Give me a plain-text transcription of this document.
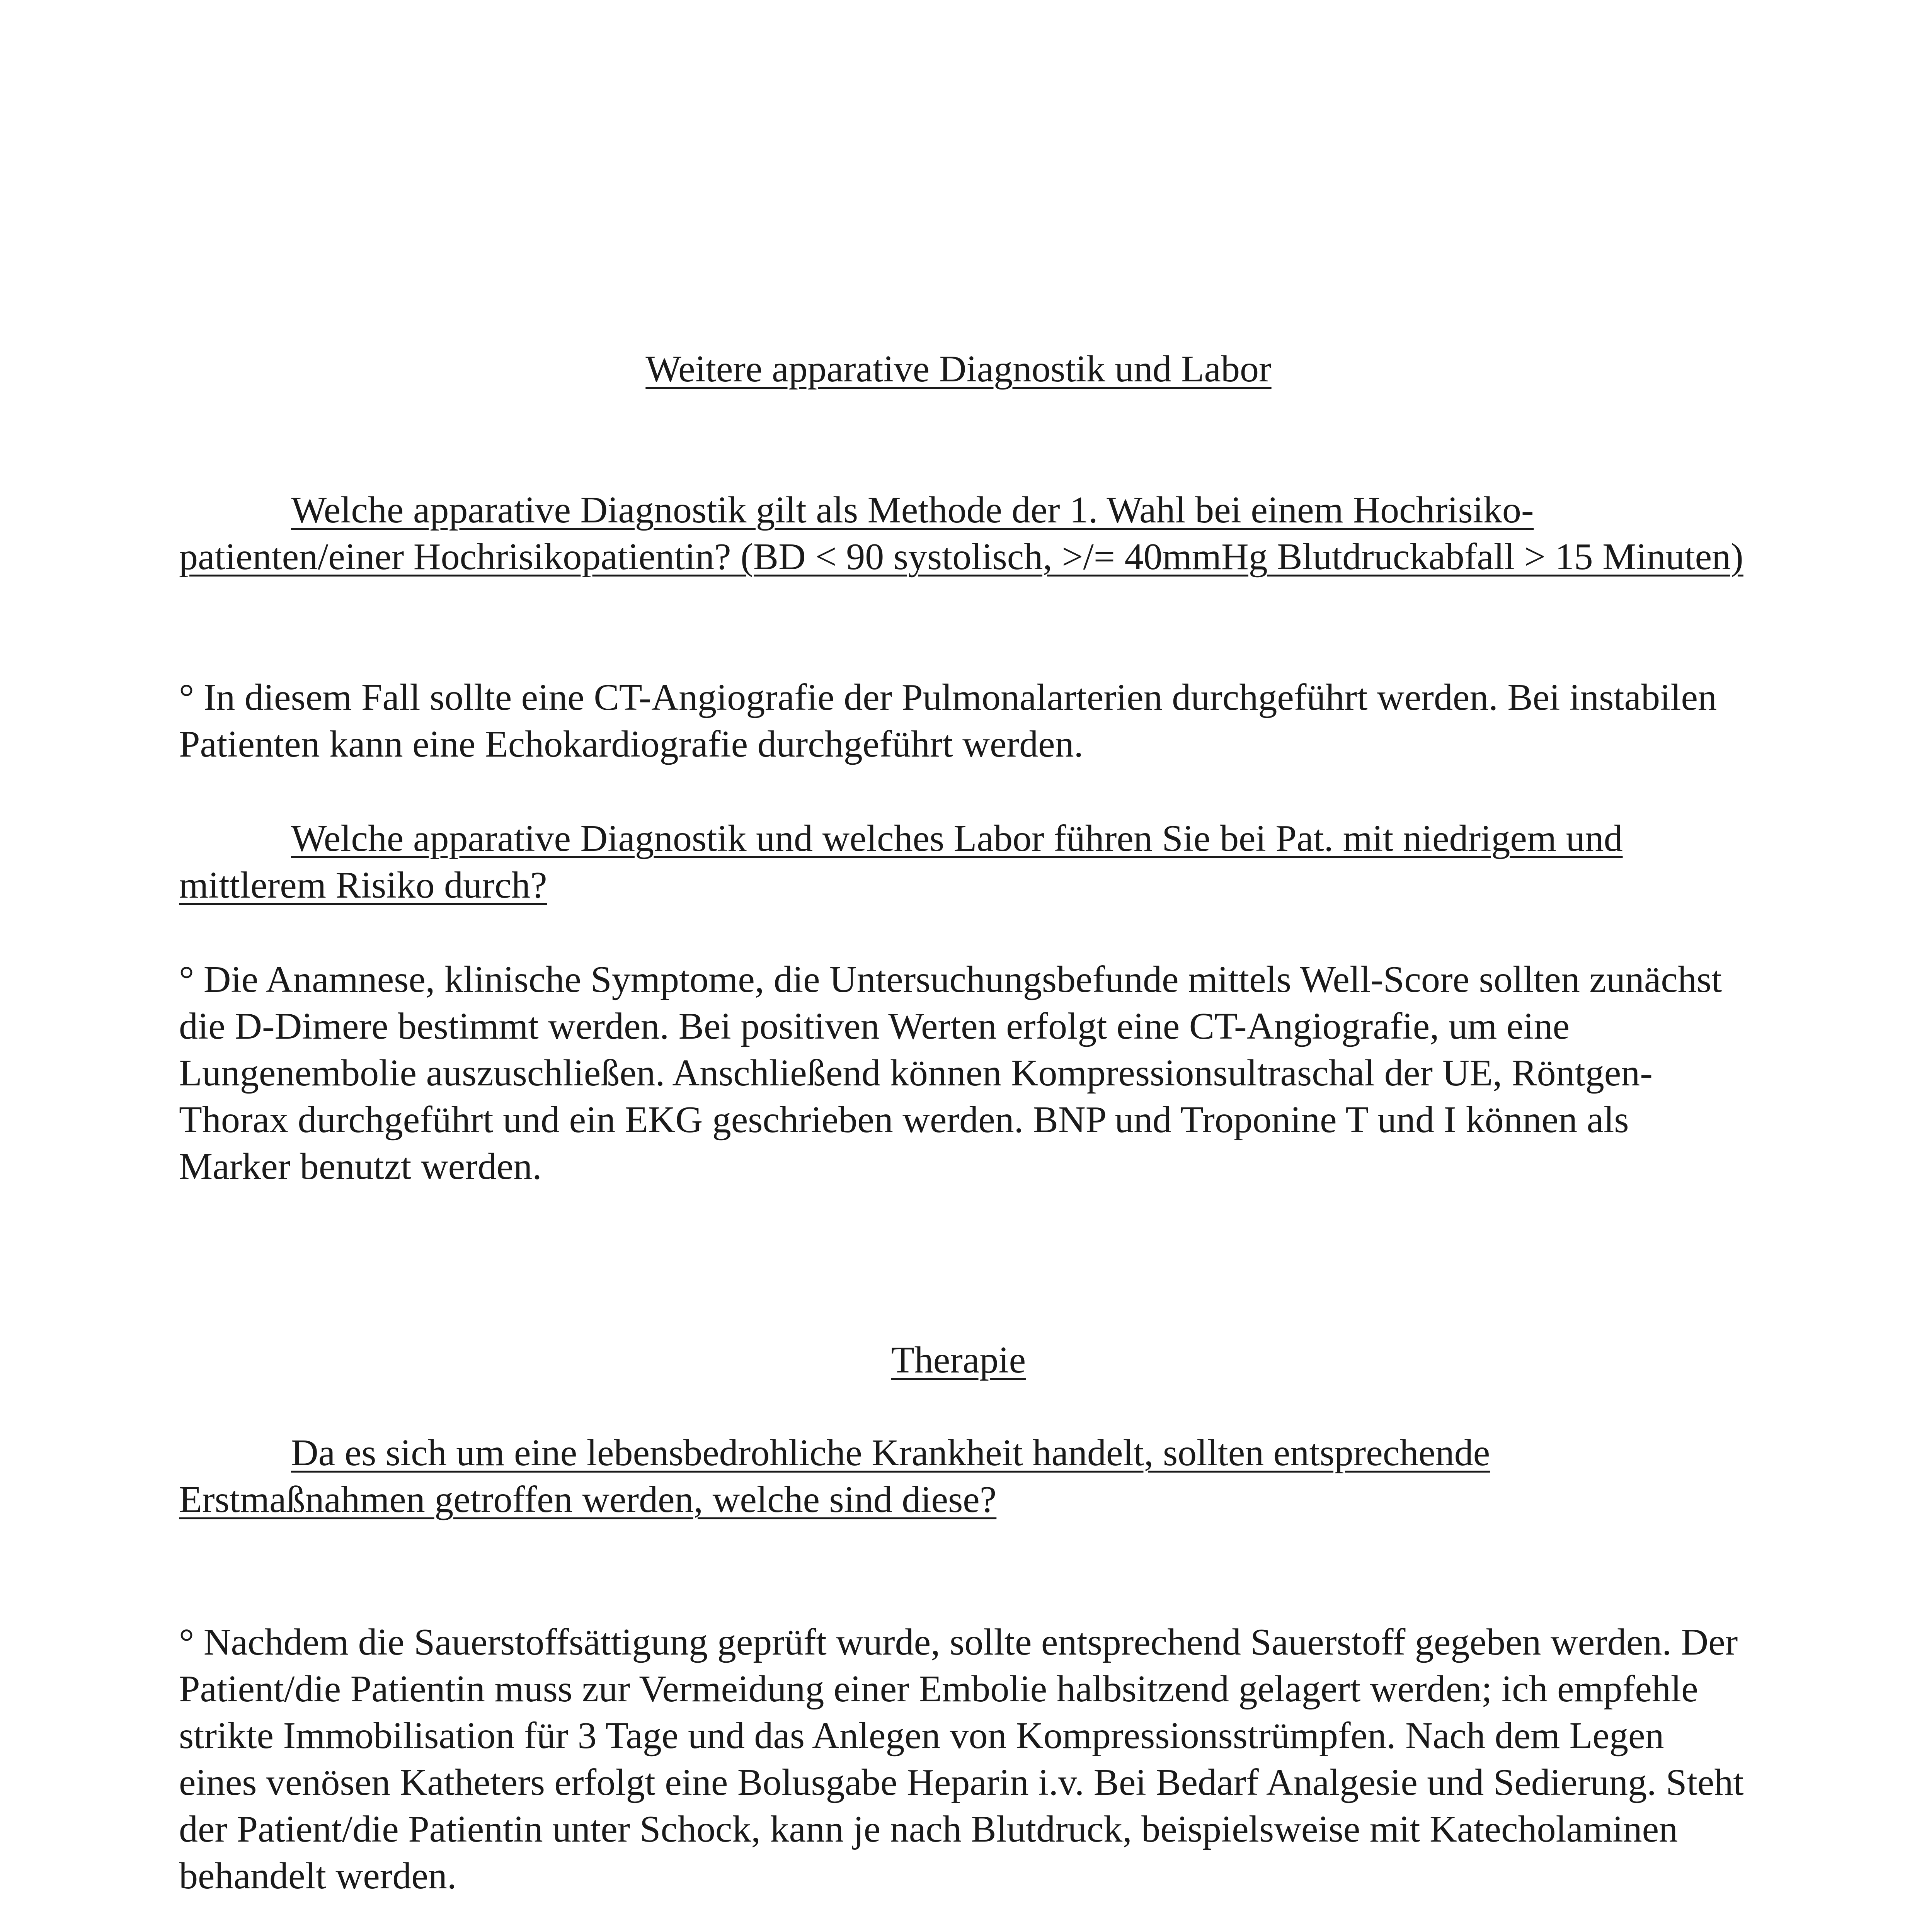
Weitere apparative Diagnostik und Labor

Welche apparative Diagnostik gilt als Methode der 1. Wahl bei einem Hochrisiko-patienten/einer Hochrisikopatientin? (BD < 90 systolisch, >/= 40mmHg Blutdruckabfall > 15 Minuten)

° In diesem Fall sollte eine CT-Angiografie der Pulmonalarterien durchgeführt werden. Bei instabilen Patienten kann eine Echokardiografie durchgeführt werden.

Welche apparative Diagnostik und welches Labor führen Sie bei Pat. mit niedrigem und mittlerem Risiko durch?

° Die Anamnese, klinische Symptome, die Untersuchungsbefunde mittels Well-Score sollten zunächst die D-Dimere bestimmt werden. Bei positiven Werten erfolgt eine CT-Angiografie, um eine Lungenembolie auszuschließen. Anschließend können Kompressionsultraschal der UE, Röntgen-Thorax durchgeführt und ein EKG geschrieben werden. BNP und Troponine T und I können als Marker benutzt werden.

Therapie

Da es sich um eine lebensbedrohliche Krankheit handelt, sollten entsprechende Erstmaßnahmen getroffen werden, welche sind diese?

° Nachdem die Sauerstoffsättigung geprüft wurde, sollte entsprechend Sauerstoff gegeben werden. Der Patient/die Patientin muss zur Vermeidung einer Embolie halbsitzend gelagert werden; ich empfehle strikte Immobilisation für 3 Tage und das Anlegen von Kompressionsstrümpfen. Nach dem Legen eines venösen Katheters erfolgt eine Bolusgabe Heparin i.v. Bei Bedarf Analgesie und Sedierung. Steht der Patient/die Patientin unter Schock, kann je nach Blutdruck, beispielsweise mit Katecholaminen behandelt werden.
